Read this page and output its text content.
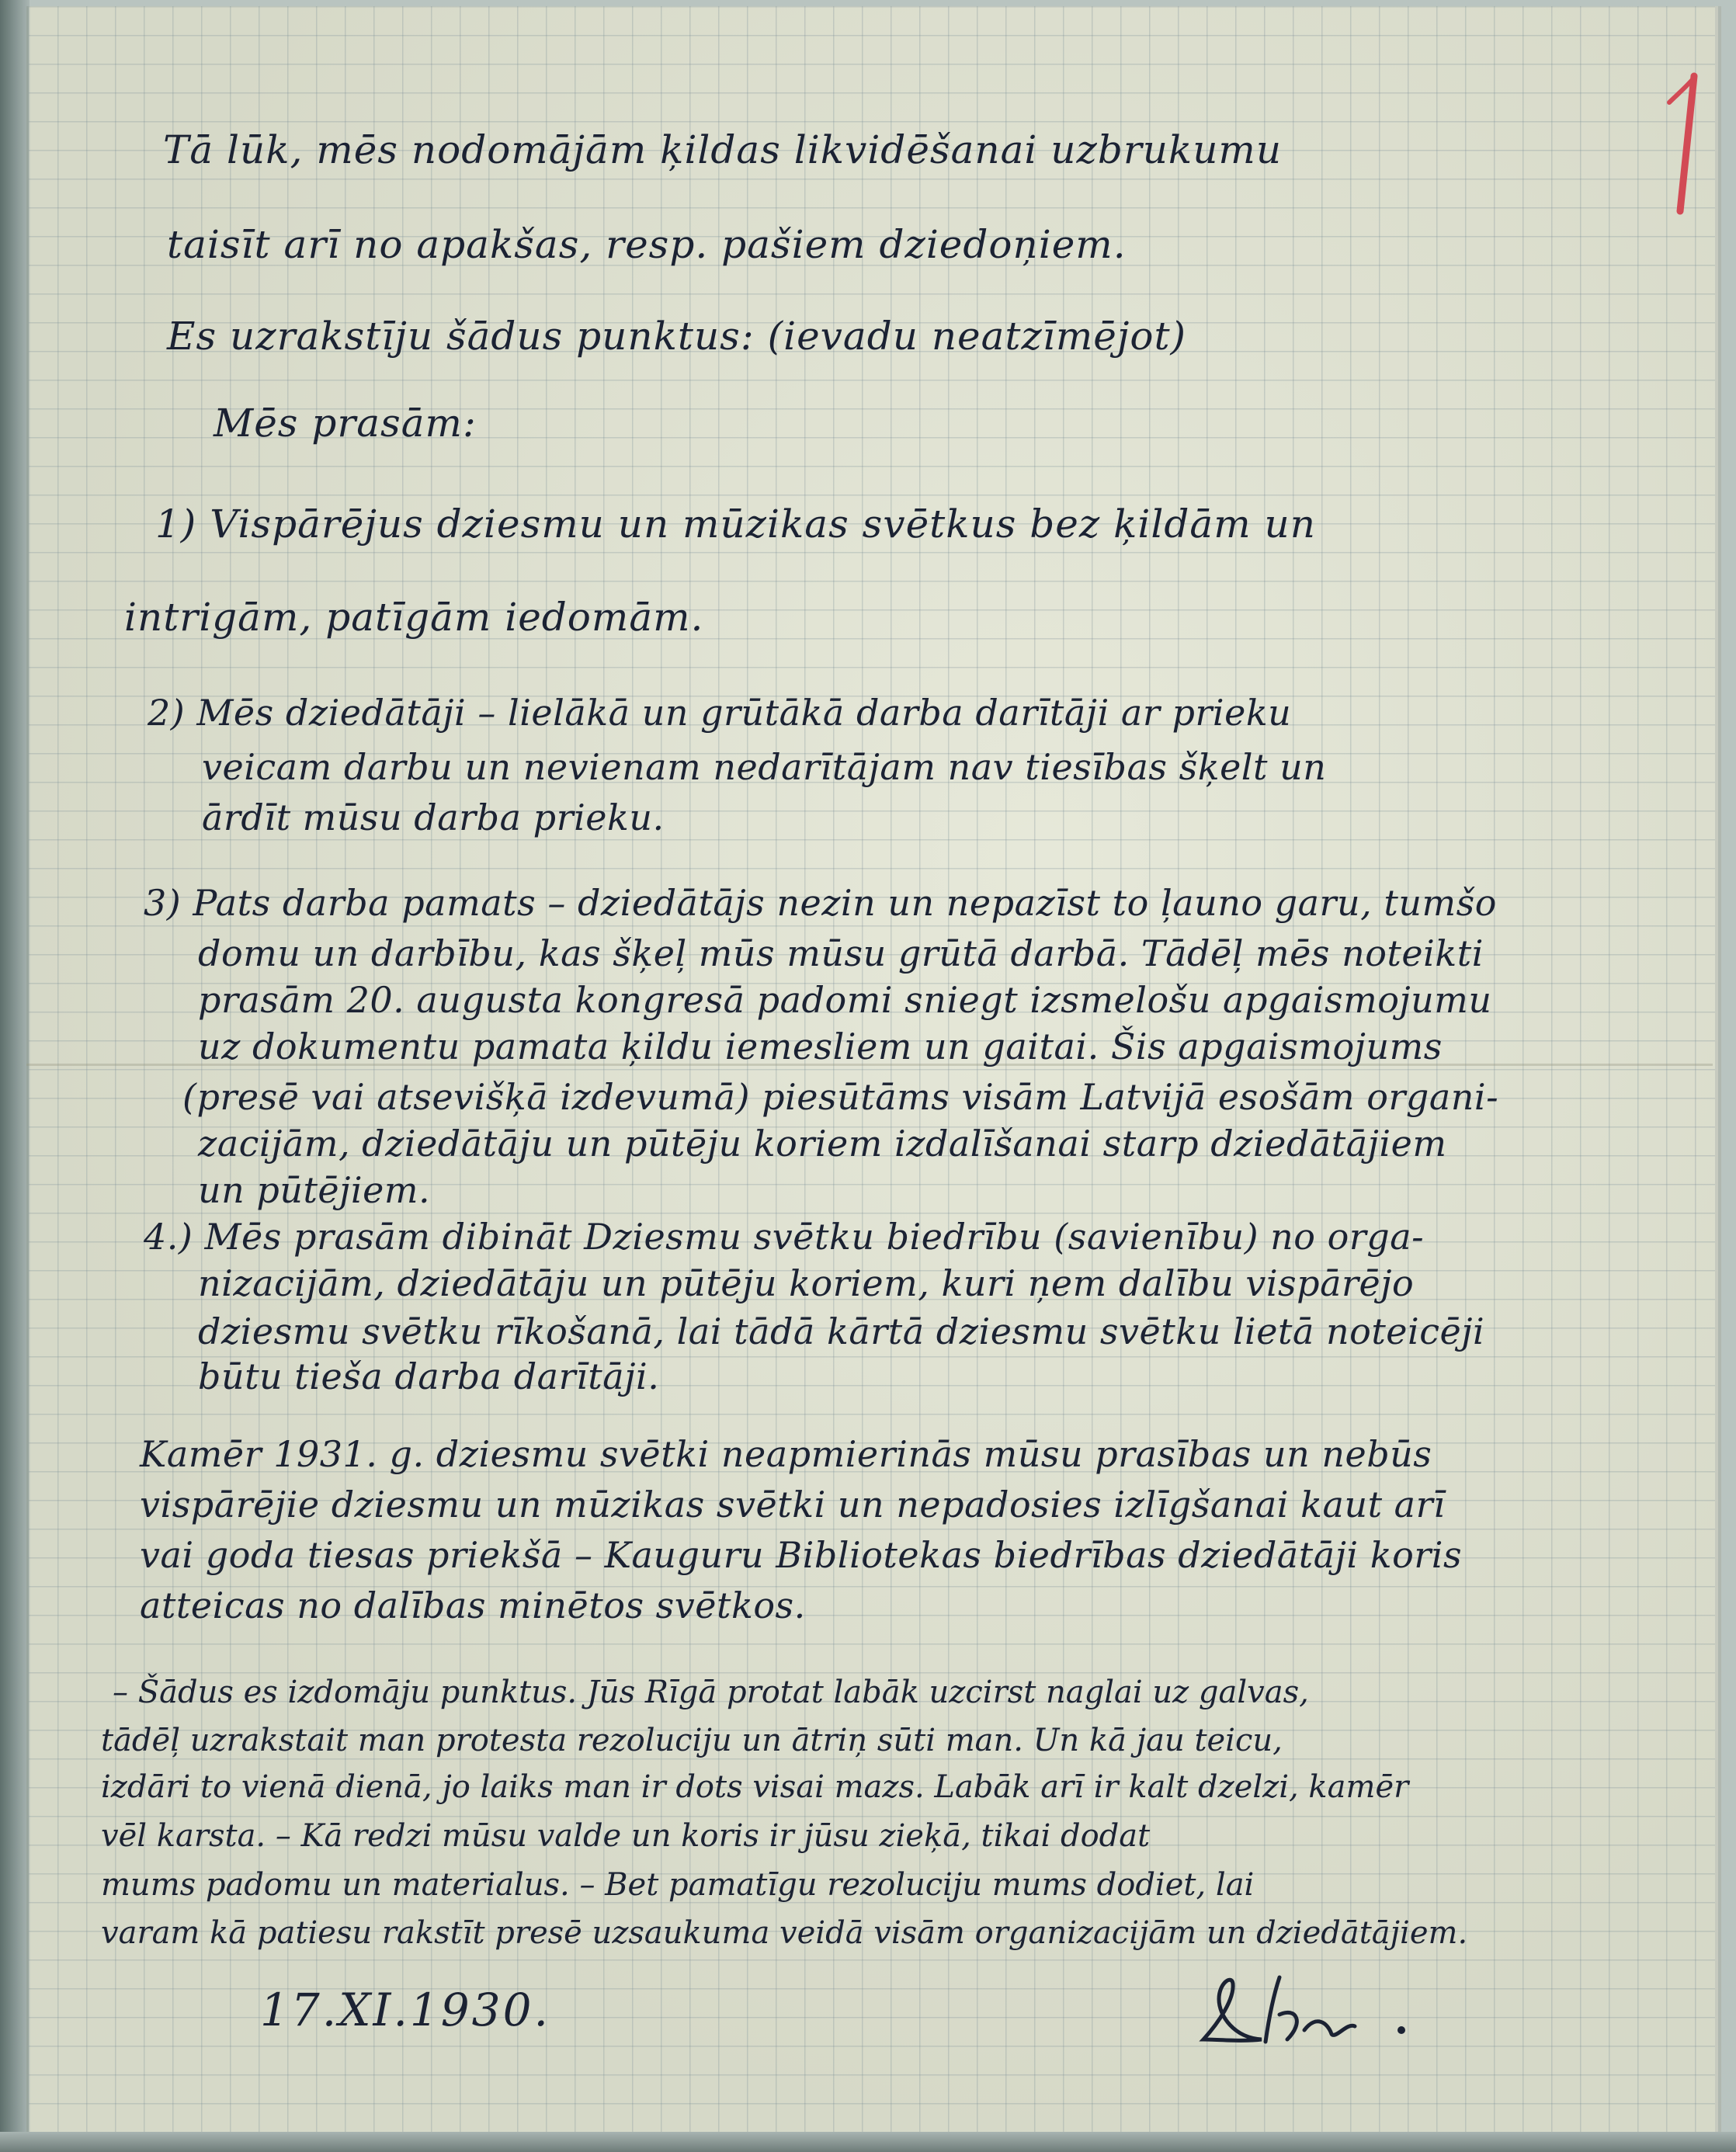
Tā lūk, mēs nodomājām ķildas likvidēšanai uzbrukumu
taisīt arī no apakšas, resp. pašiem dziedoņiem.
Es uzrakstīju šādus punktus: (ievadu neatzīmējot)
Mēs prasām:
1) Vispārējus dziesmu un mūzikas svētkus bez ķildām un
intrigām, patīgām iedomām.
2) Mēs dziedātāji – lielākā un grūtākā darba darītāji ar prieku
veicam darbu un nevienam nedarītājam nav tiesības šķelt un
ārdīt mūsu darba prieku.
3) Pats darba pamats – dziedātājs nezin un nepazīst to ļauno garu, tumšo
domu un darbību, kas šķeļ mūs mūsu grūtā darbā. Tādēļ mēs noteikti
prasām 20. augusta kongresā padomi sniegt izsmelošu apgaismojumu
uz dokumentu pamata ķildu iemesliem un gaitai. Šis apgaismojums
(presē vai atsevišķā izdevumā) piesūtāms visām Latvijā esošām organi-
zacijām, dziedātāju un pūtēju koriem izdalīšanai starp dziedātājiem
un pūtējiem.
4.) Mēs prasām dibināt Dziesmu svētku biedrību (savienību) no orga-
nizacijām, dziedātāju un pūtēju koriem, kuri ņem dalību vispārējo
dziesmu svētku rīkošanā, lai tādā kārtā dziesmu svētku lietā noteicēji
būtu tieša darba darītāji.
Kamēr 1931. g. dziesmu svētki neapmierinās mūsu prasības un nebūs
vispārējie dziesmu un mūzikas svētki un nepadosies izlīgšanai kaut arī
vai goda tiesas priekšā – Kauguru Bibliotekas biedrības dziedātāji koris
atteicas no dalības minētos svētkos.
– Šādus es izdomāju punktus. Jūs Rīgā protat labāk uzcirst naglai uz galvas,
tādēļ uzrakstait man protesta rezoluciju un ātriņ sūti man. Un kā jau teicu,
izdāri to vienā dienā, jo laiks man ir dots visai mazs. Labāk arī ir kalt dzelzi, kamēr
vēl karsta. – Kā redzi mūsu valde un koris ir jūsu zieķā, tikai dodat
mums padomu un materialus. – Bet pamatīgu rezoluciju mums dodiet, lai
varam kā patiesu rakstīt presē uzsaukuma veidā visām organizacijām un dziedātājiem.
17.XI.1930.
